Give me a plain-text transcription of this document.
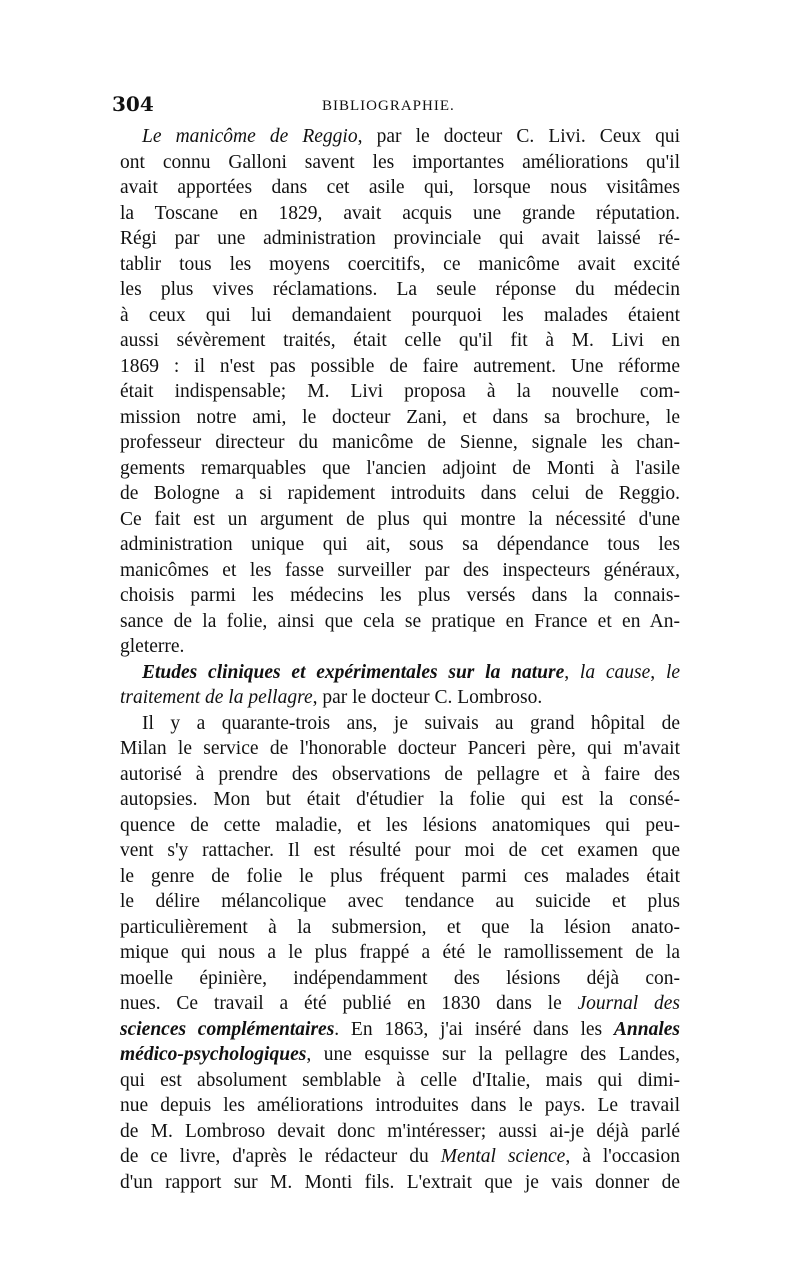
304	BIBLIOGRAPHIE.
Le manicôme de Reggio, par le docteur C. Livi. Ceux qui
ont connu Galloni savent les importantes améliorations qu'il
avait apportées dans cet asile qui, lorsque nous visitâmes
la Toscane en 1829, avait acquis une grande réputation.
Régi par une administration provinciale qui avait laissé ré-
tablir tous les moyens coercitifs, ce manicôme avait excité
les plus vives réclamations. La seule réponse du médecin
à ceux qui lui demandaient pourquoi les malades étaient
aussi sévèrement traités, était celle qu'il fit à M. Livi en
1869 : il n'est pas possible de faire autrement. Une réforme
était indispensable; M. Livi proposa à la nouvelle com-
mission notre ami, le docteur Zani, et dans sa brochure, le
professeur directeur du manicôme de Sienne, signale les chan-
gements remarquables que l'ancien adjoint de Monti à l'asile
de Bologne a si rapidement introduits dans celui de Reggio.
Ce fait est un argument de plus qui montre la nécessité d'une
administration unique qui ait, sous sa dépendance tous les
manicômes et les fasse surveiller par des inspecteurs généraux,
choisis parmi les médecins les plus versés dans la connais-
sance de la folie, ainsi que cela se pratique en France et en An-
gleterre.
Etudes cliniques et expérimentales sur la nature, la cause, le
traitement de la pellagre, par le docteur C. Lombroso.
Il y a quarante-trois ans, je suivais au grand hôpital de
Milan le service de l'honorable docteur Panceri père, qui m'avait
autorisé à prendre des observations de pellagre et à faire des
autopsies. Mon but était d'étudier la folie qui est la consé-
quence de cette maladie, et les lésions anatomiques qui peu-
vent s'y rattacher. Il est résulté pour moi de cet examen que
le genre de folie le plus fréquent parmi ces malades était
le délire mélancolique avec tendance au suicide et plus
particulièrement à la submersion, et que la lésion anato-
mique qui nous a le plus frappé a été le ramollissement de la
moelle épinière, indépendamment des lésions déjà con-
nues. Ce travail a été publié en 1830 dans le Journal des
sciences complémentaires. En 1863, j'ai inséré dans les Annales
médico-psychologiques, une esquisse sur la pellagre des Landes,
qui est absolument semblable à celle d'Italie, mais qui dimi-
nue depuis les améliorations introduites dans le pays. Le travail
de M. Lombroso devait donc m'intéresser; aussi ai-je déjà parlé
de ce livre, d'après le rédacteur du Mental science, à l'occasion
d'un rapport sur M. Monti fils. L'extrait que je vais donner de
